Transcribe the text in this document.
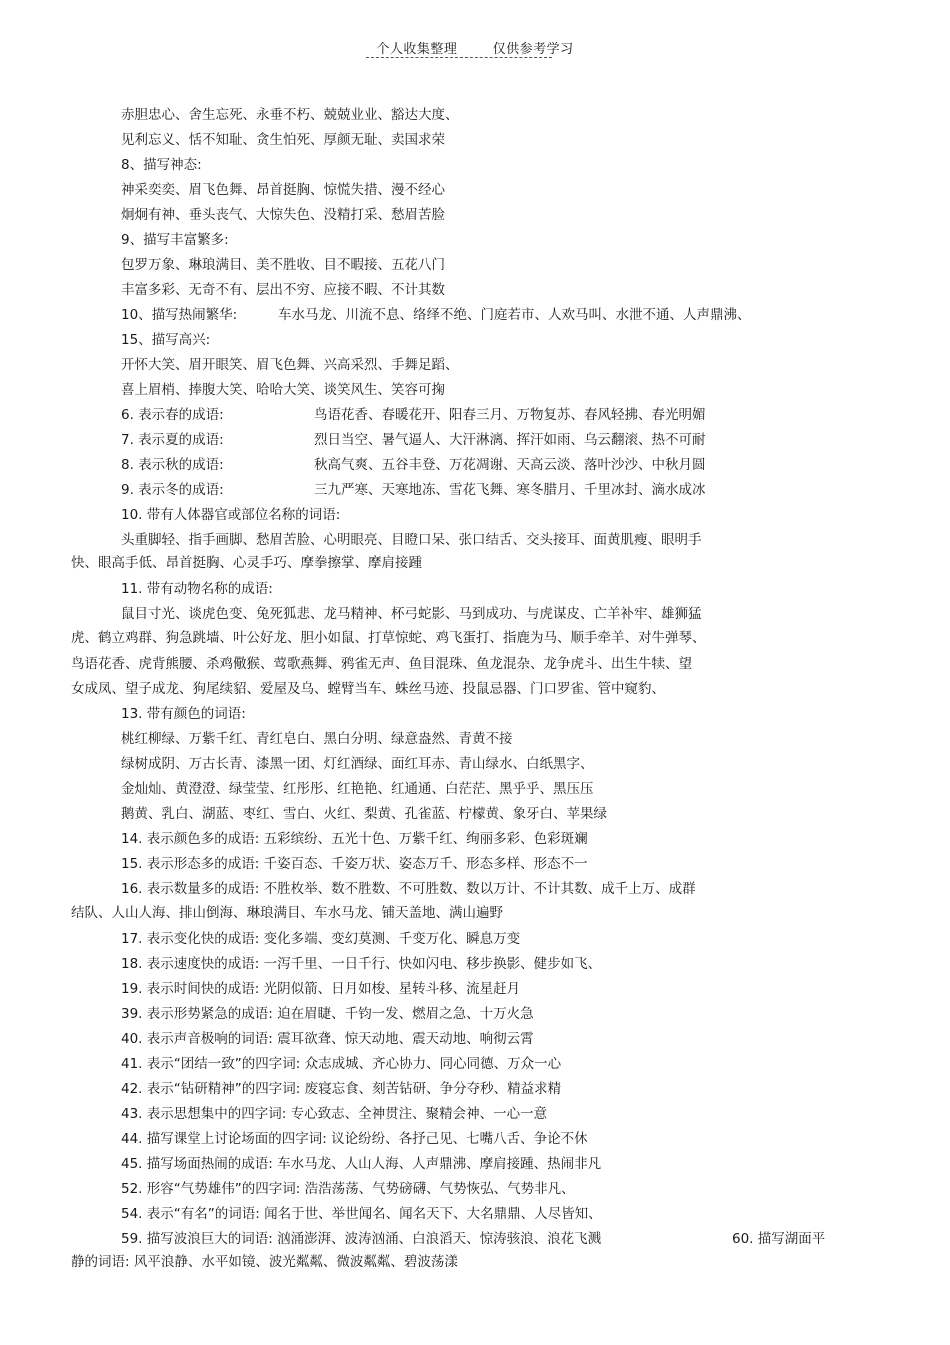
个人收集整理	仅供参考学习
赤胆忠心、舍生忘死、永垂不朽、兢兢业业、豁达大度、
见利忘义、恬不知耻、贪生怕死、厚颜无耻、卖国求荣
8、描写神态:
神采奕奕、眉飞色舞、昂首挺胸、惊慌失措、漫不经心
炯炯有神、垂头丧气、大惊失色、没精打采、愁眉苦脸
9、描写丰富繁多:
包罗万象、琳琅满目、美不胜收、目不暇接、五花八门
丰富多彩、无奇不有、层出不穷、应接不暇、不计其数
10、描写热闹繁华:	车水马龙、川流不息、络绎不绝、门庭若市、人欢马叫、水泄不通、人声鼎沸、
15、描写高兴:
开怀大笑、眉开眼笑、眉飞色舞、兴高采烈、手舞足蹈、
喜上眉梢、捧腹大笑、哈哈大笑、谈笑风生、笑容可掬
6. 表示春的成语:	鸟语花香、春暖花开、阳春三月、万物复苏、春风轻拂、春光明媚
7. 表示夏的成语:	烈日当空、暑气逼人、大汗淋漓、挥汗如雨、乌云翻滚、热不可耐
8. 表示秋的成语:	秋高气爽、五谷丰登、万花凋谢、天高云淡、落叶沙沙、中秋月圆
9. 表示冬的成语:	三九严寒、天寒地冻、雪花飞舞、寒冬腊月、千里冰封、滴水成冰
10. 带有人体器官或部位名称的词语:
头重脚轻、指手画脚、愁眉苦脸、心明眼亮、目瞪口呆、张口结舌、交头接耳、面黄肌瘦、眼明手
快、眼高手低、昂首挺胸、心灵手巧、摩拳擦掌、摩肩接踵
11. 带有动物名称的成语:
鼠目寸光、谈虎色变、兔死狐悲、龙马精神、杯弓蛇影、马到成功、与虎谋皮、亡羊补牢、雄狮猛
虎、鹤立鸡群、狗急跳墙、叶公好龙、胆小如鼠、打草惊蛇、鸡飞蛋打、指鹿为马、顺手牵羊、对牛弹琴、
鸟语花香、虎背熊腰、杀鸡儆猴、莺歌燕舞、鸦雀无声、鱼目混珠、鱼龙混杂、龙争虎斗、出生牛犊、望
女成凤、望子成龙、狗尾续貂、爱屋及乌、螳臂当车、蛛丝马迹、投鼠忌器、门口罗雀、管中窥豹、
13. 带有颜色的词语:
桃红柳绿、万紫千红、青红皂白、黑白分明、绿意盎然、青黄不接
绿树成阴、万古长青、漆黑一团、灯红酒绿、面红耳赤、青山绿水、白纸黑字、
金灿灿、黄澄澄、绿莹莹、红彤彤、红艳艳、红通通、白茫茫、黑乎乎、黑压压
鹅黄、乳白、湖蓝、枣红、雪白、火红、梨黄、孔雀蓝、柠檬黄、象牙白、苹果绿
14. 表示颜色多的成语: 五彩缤纷、五光十色、万紫千红、绚丽多彩、色彩斑斓
15. 表示形态多的成语: 千姿百态、千姿万状、姿态万千、形态多样、形态不一
16. 表示数量多的成语: 不胜枚举、数不胜数、不可胜数、数以万计、不计其数、成千上万、成群
结队、人山人海、排山倒海、琳琅满目、车水马龙、铺天盖地、满山遍野
17. 表示变化快的成语: 变化多端、变幻莫测、千变万化、瞬息万变
18. 表示速度快的成语: 一泻千里、一日千行、快如闪电、移步换影、健步如飞、
19. 表示时间快的成语: 光阴似箭、日月如梭、星转斗移、流星赶月
39. 表示形势紧急的成语: 迫在眉睫、千钧一发、燃眉之急、十万火急
40. 表示声音极响的词语: 震耳欲聋、惊天动地、震天动地、响彻云霄
41. 表示“团结一致”的四字词: 众志成城、齐心协力、同心同德、万众一心
42. 表示“钻研精神”的四字词: 废寝忘食、刻苦钻研、争分夺秒、精益求精
43. 表示思想集中的四字词: 专心致志、全神贯注、聚精会神、一心一意
44. 描写课堂上讨论场面的四字词: 议论纷纷、各抒己见、七嘴八舌、争论不休
45. 描写场面热闹的成语: 车水马龙、人山人海、人声鼎沸、摩肩接踵、热闹非凡
52. 形容“气势雄伟”的四字词: 浩浩荡荡、气势磅礴、气势恢弘、气势非凡、
54. 表示“有名”的词语: 闻名于世、举世闻名、闻名天下、大名鼎鼎、人尽皆知、
59. 描写波浪巨大的词语: 汹涌澎湃、波涛汹涌、白浪滔天、惊涛骇浪、浪花飞溅	60. 描写湖面平
静的词语: 风平浪静、水平如镜、波光粼粼、微波粼粼、碧波荡漾
